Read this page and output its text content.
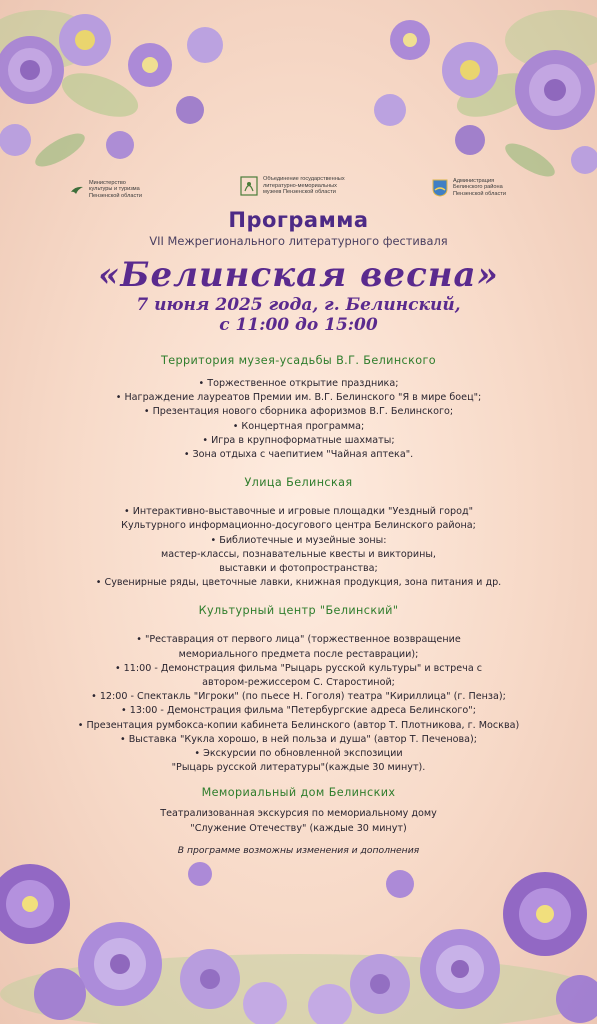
Министерство
культуры и туризма
Пензенской области
Объединение государственных
литературно-мемориальных
музеев Пензенской области
Администрация
Белинского района
Пензенской области
Программа

VII Межрегионального литературного фестиваля

«Белинская весна»
7 июня 2025 года, г. Белинский,
с 11:00 до 15:00
Территория музея-усадьбы В.Г. Белинского
• Торжественное открытие праздника;
• Награждение лауреатов Премии им. В.Г. Белинского "Я в мире боец";
• Презентация нового сборника афоризмов В.Г. Белинского;
• Концертная программа;
• Игра в крупноформатные шахматы;
• Зона отдыха с чаепитием "Чайная аптека".
Улица Белинская
• Интерактивно-выставочные и игровые площадки "Уездный город"
Культурного информационно-досугового центра Белинского района;
• Библиотечные и музейные зоны:
мастер-классы, познавательные квесты и викторины,
выставки и фотопространства;
• Сувенирные ряды, цветочные лавки, книжная продукция, зона питания и др.
Культурный центр "Белинский"
• "Реставрация от первого лица" (торжественное возвращение
мемориального предмета после реставрации);
• 11:00 - Демонстрация фильма "Рыцарь русской культуры" и встреча с
автором-режиссером С. Старостиной;
• 12:00 - Спектакль "Игроки" (по пьесе Н. Гоголя) театра "Кириллица" (г. Пенза);
• 13:00 - Демонстрация фильма "Петербургские адреса Белинского";
• Презентация румбокса-копии кабинета Белинского (автор Т. Плотникова, г. Москва)
• Выставка "Кукла хорошо, в ней польза и душа" (автор Т. Печенова);
• Экскурсии по обновленной экспозиции
"Рыцарь русской литературы"(каждые 30 минут).
Мемориальный дом Белинских
Театрализованная экскурсия по мемориальному дому
"Служение Отечеству" (каждые 30 минут)
В программе возможны изменения и дополнения
